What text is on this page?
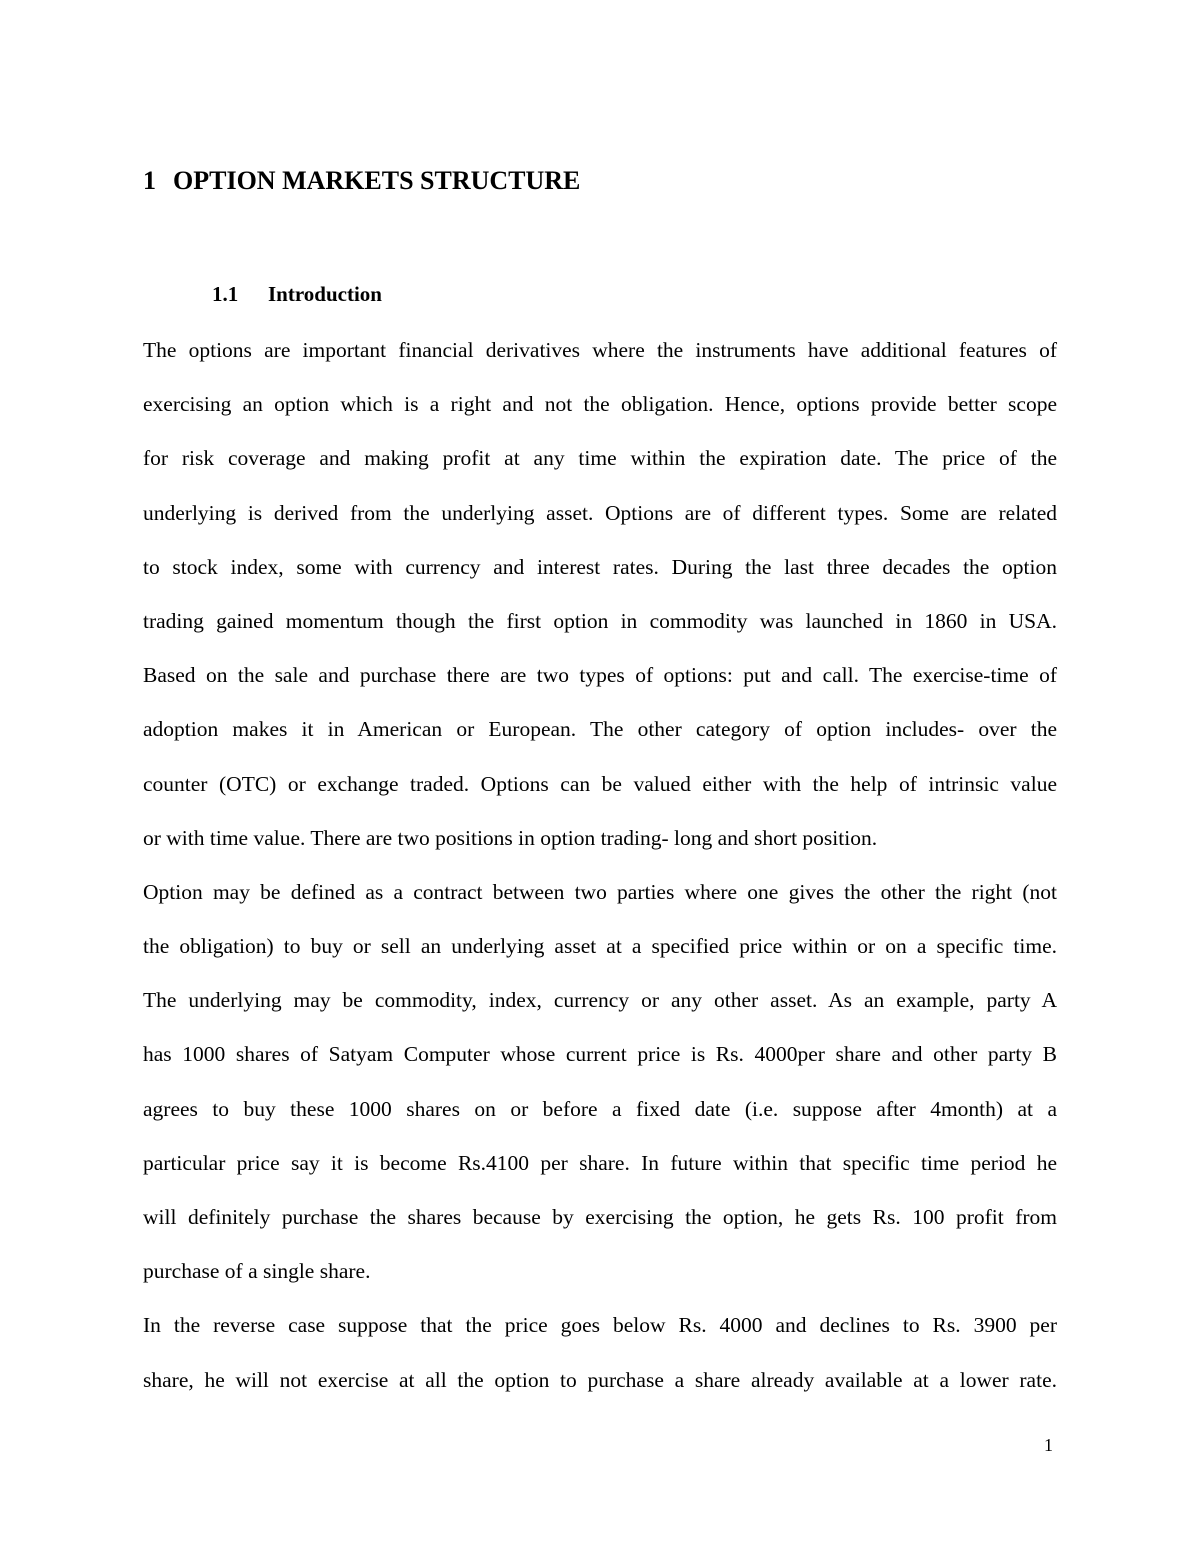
1 OPTION MARKETS STRUCTURE
1.1 Introduction
The options are important financial derivatives where the instruments have additional features of
exercising an option which is a right and not the obligation. Hence, options provide better scope
for risk coverage and making profit at any time within the expiration date. The price of the
underlying is derived from the underlying asset. Options are of different types. Some are related
to stock index, some with currency and interest rates. During the last three decades the option
trading gained momentum though the first option in commodity was launched in 1860 in USA.
Based on the sale and purchase there are two types of options: put and call. The exercise-time of
adoption makes it in American or European. The other category of option includes- over the
counter (OTC) or exchange traded. Options can be valued either with the help of intrinsic value
or with time value. There are two positions in option trading- long and short position.
Option may be defined as a contract between two parties where one gives the other the right (not
the obligation) to buy or sell an underlying asset at a specified price within or on a specific time.
The underlying may be commodity, index, currency or any other asset. As an example, party A
has 1000 shares of Satyam Computer whose current price is Rs. 4000per share and other party B
agrees to buy these 1000 shares on or before a fixed date (i.e. suppose after 4month) at a
particular price say it is become Rs.4100 per share. In future within that specific time period he
will definitely purchase the shares because by exercising the option, he gets Rs. 100 profit from
purchase of a single share.
In the reverse case suppose that the price goes below Rs. 4000 and declines to Rs. 3900 per
share, he will not exercise at all the option to purchase a share already available at a lower rate.
1
